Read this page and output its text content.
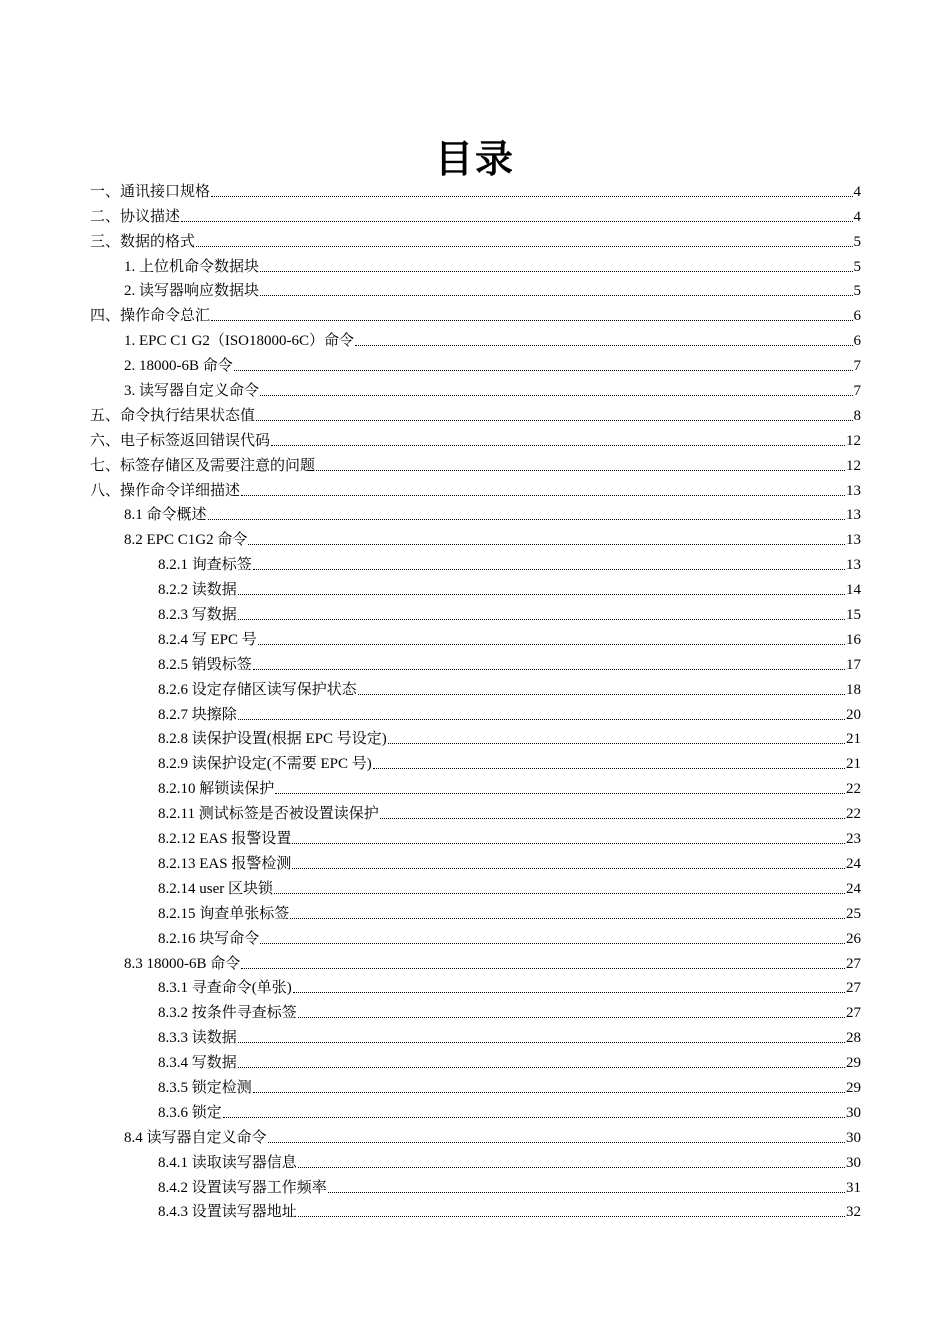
目录
一、通讯接口规格	4
二、协议描述	4
三、数据的格式	5
1. 上位机命令数据块	5
2. 读写器响应数据块	5
四、操作命令总汇	6
1. EPC C1 G2（ISO18000-6C）命令	6
2. 18000-6B 命令	7
3. 读写器自定义命令	7
五、命令执行结果状态值	8
六、电子标签返回错误代码	12
七、标签存储区及需要注意的问题	12
八、操作命令详细描述	13
8.1 命令概述	13
8.2 EPC C1G2 命令	13
8.2.1 询查标签	13
8.2.2 读数据	14
8.2.3 写数据	15
8.2.4 写 EPC 号	16
8.2.5 销毁标签	17
8.2.6 设定存储区读写保护状态	18
8.2.7 块擦除	20
8.2.8 读保护设置(根据 EPC 号设定)	21
8.2.9 读保护设定(不需要 EPC 号)	21
8.2.10 解锁读保护	22
8.2.11 测试标签是否被设置读保护	22
8.2.12 EAS 报警设置	23
8.2.13 EAS 报警检测	24
8.2.14 user 区块锁	24
8.2.15 询查单张标签	25
8.2.16 块写命令	26
8.3 18000-6B 命令	27
8.3.1 寻查命令(单张)	27
8.3.2 按条件寻查标签	27
8.3.3 读数据	28
8.3.4 写数据	29
8.3.5 锁定检测	29
8.3.6 锁定	30
8.4 读写器自定义命令	30
8.4.1 读取读写器信息	30
8.4.2 设置读写器工作频率	31
8.4.3 设置读写器地址	32
